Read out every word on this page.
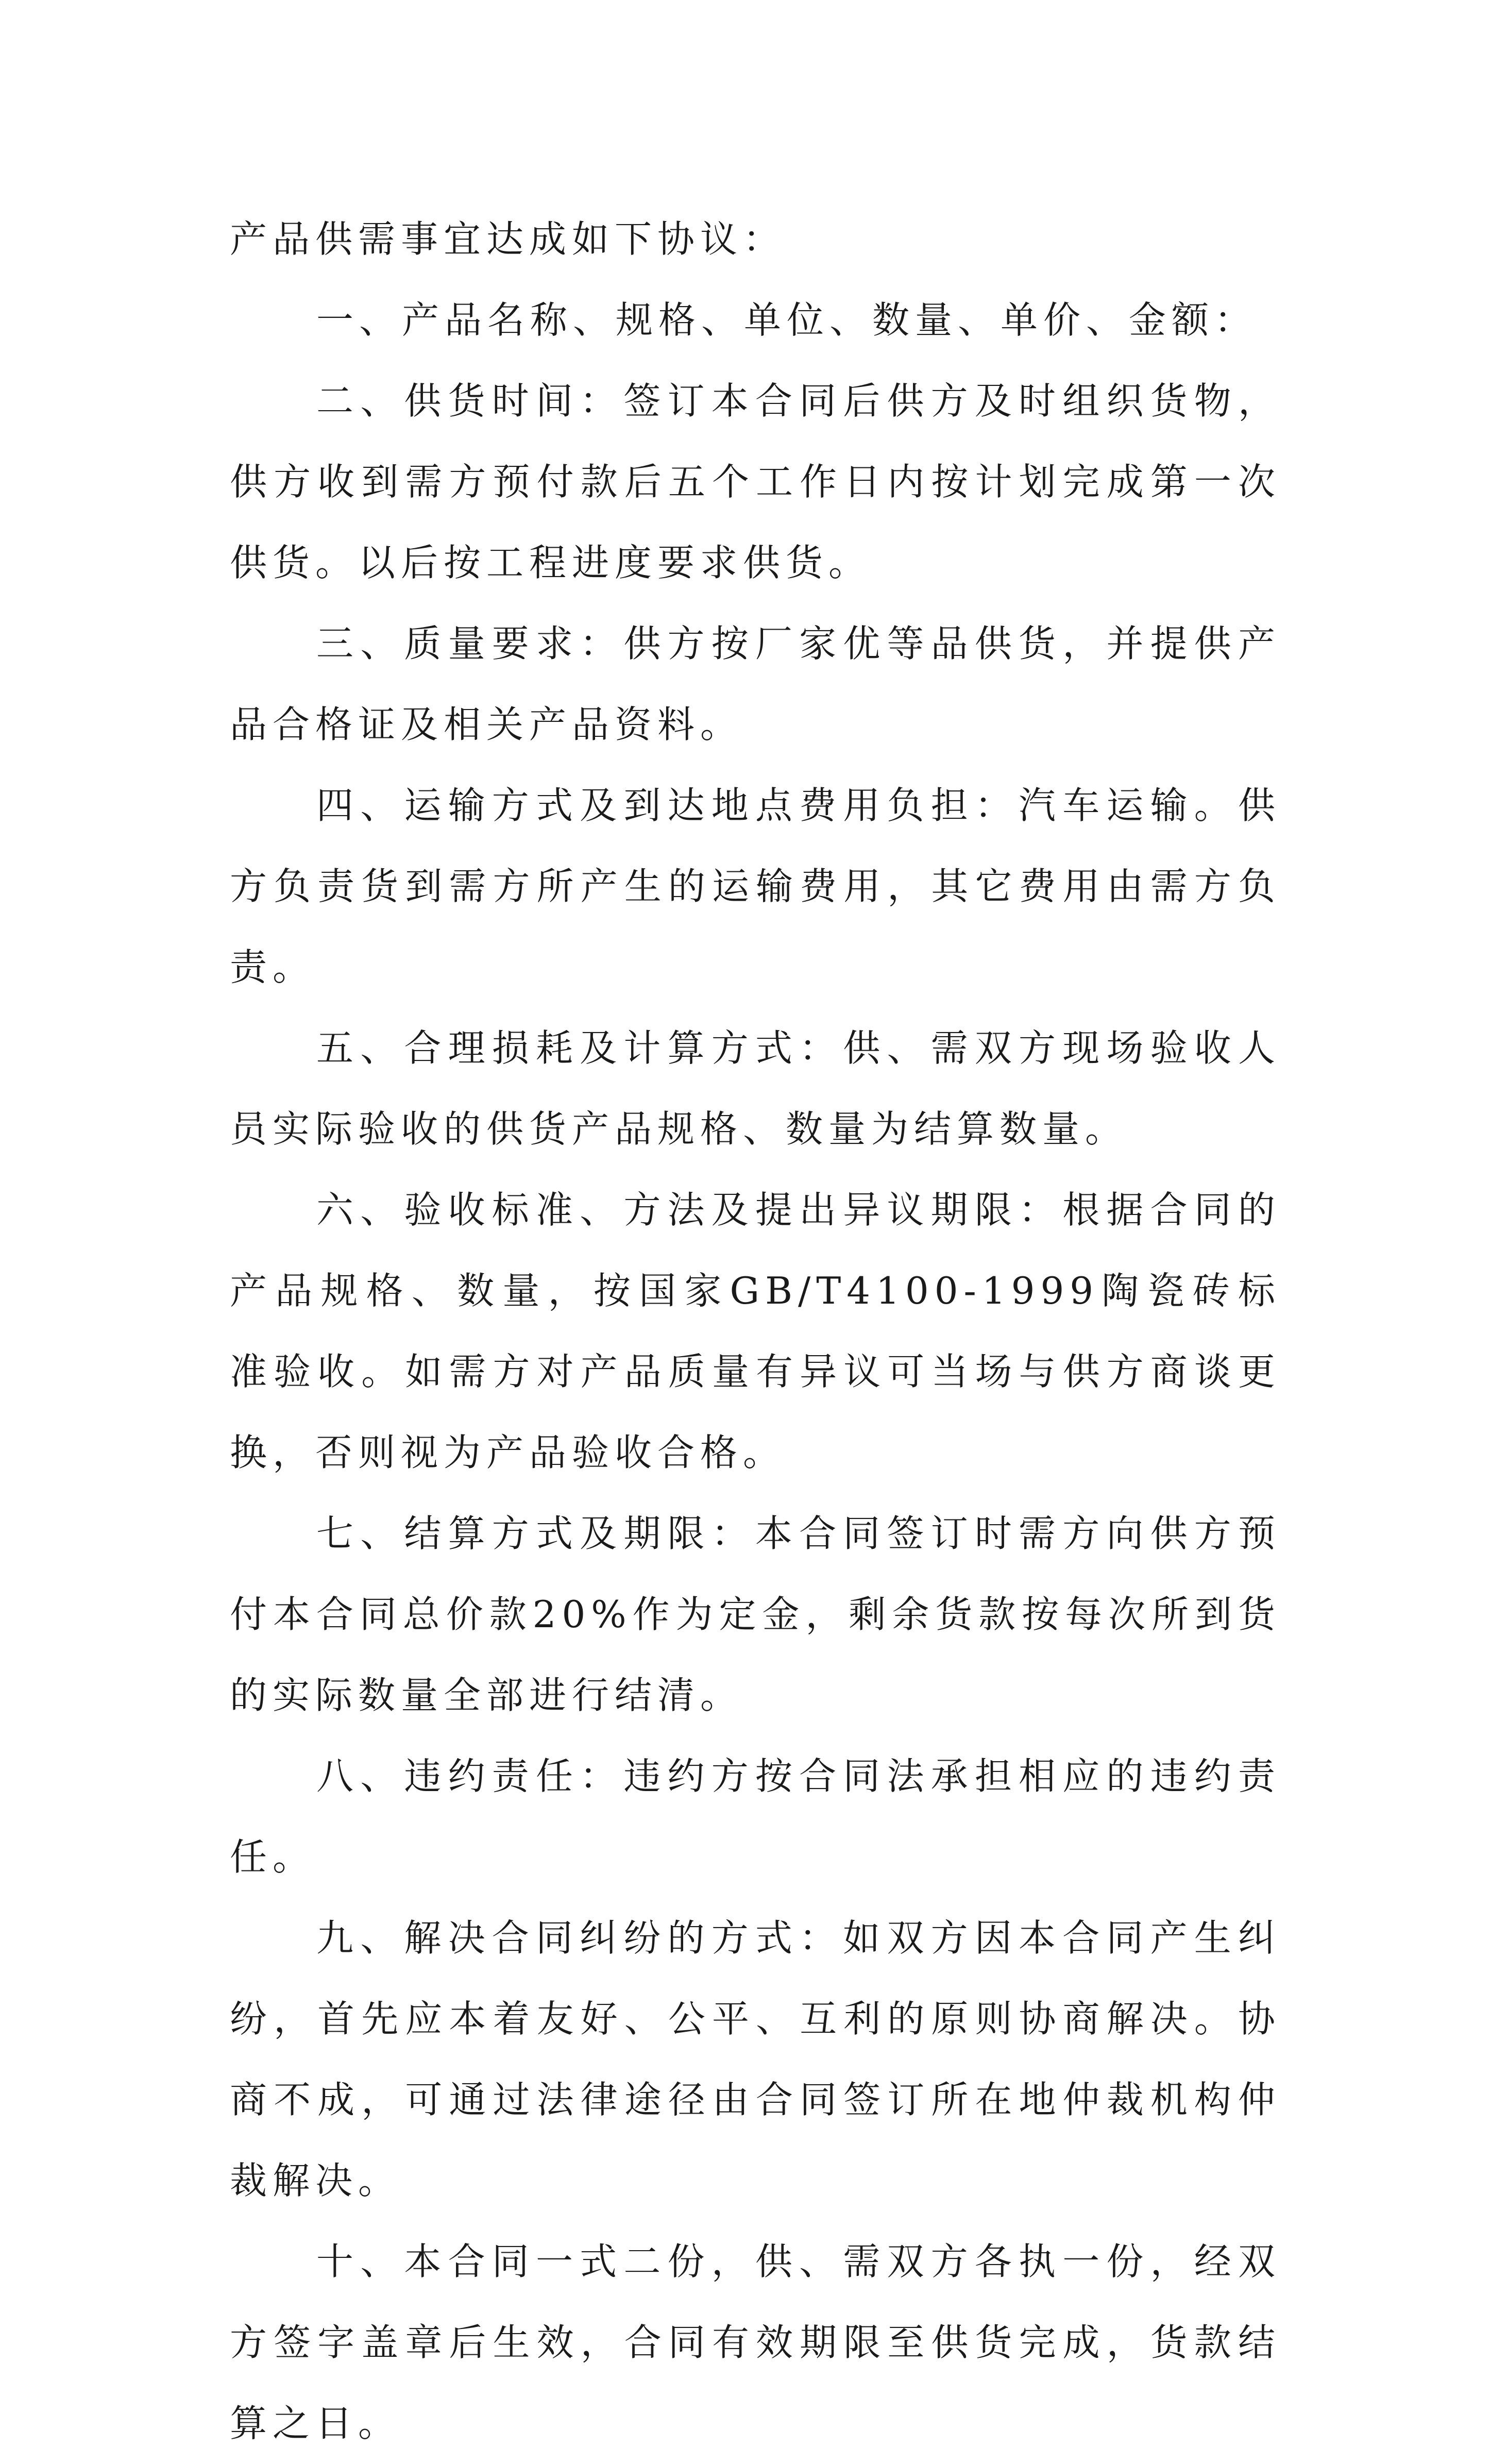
产品供需事宜达成如下协议：

一、产品名称、规格、单位、数量、单价、金额：

二、供货时间：签订本合同后供方及时组织货物，供方收到需方预付款后五个工作日内按计划完成第一次供货。以后按工程进度要求供货。

三、质量要求：供方按厂家优等品供货，并提供产品合格证及相关产品资料。

四、运输方式及到达地点费用负担：汽车运输。供方负责货到需方所产生的运输费用，其它费用由需方负责。

五、合理损耗及计算方式：供、需双方现场验收人员实际验收的供货产品规格、数量为结算数量。

六、验收标准、方法及提出异议期限：根据合同的产品规格、数量，按国家GB/T4100-1999陶瓷砖标准验收。如需方对产品质量有异议可当场与供方商谈更换，否则视为产品验收合格。

七、结算方式及期限：本合同签订时需方向供方预付本合同总价款20%作为定金，剩余货款按每次所到货的实际数量全部进行结清。

八、违约责任：违约方按合同法承担相应的违约责任。

九、解决合同纠纷的方式：如双方因本合同产生纠纷，首先应本着友好、公平、互利的原则协商解决。协商不成，可通过法律途径由合同签订所在地仲裁机构仲裁解决。

十、本合同一式二份，供、需双方各执一份，经双方签字盖章后生效，合同有效期限至供货完成，货款结算之日。
